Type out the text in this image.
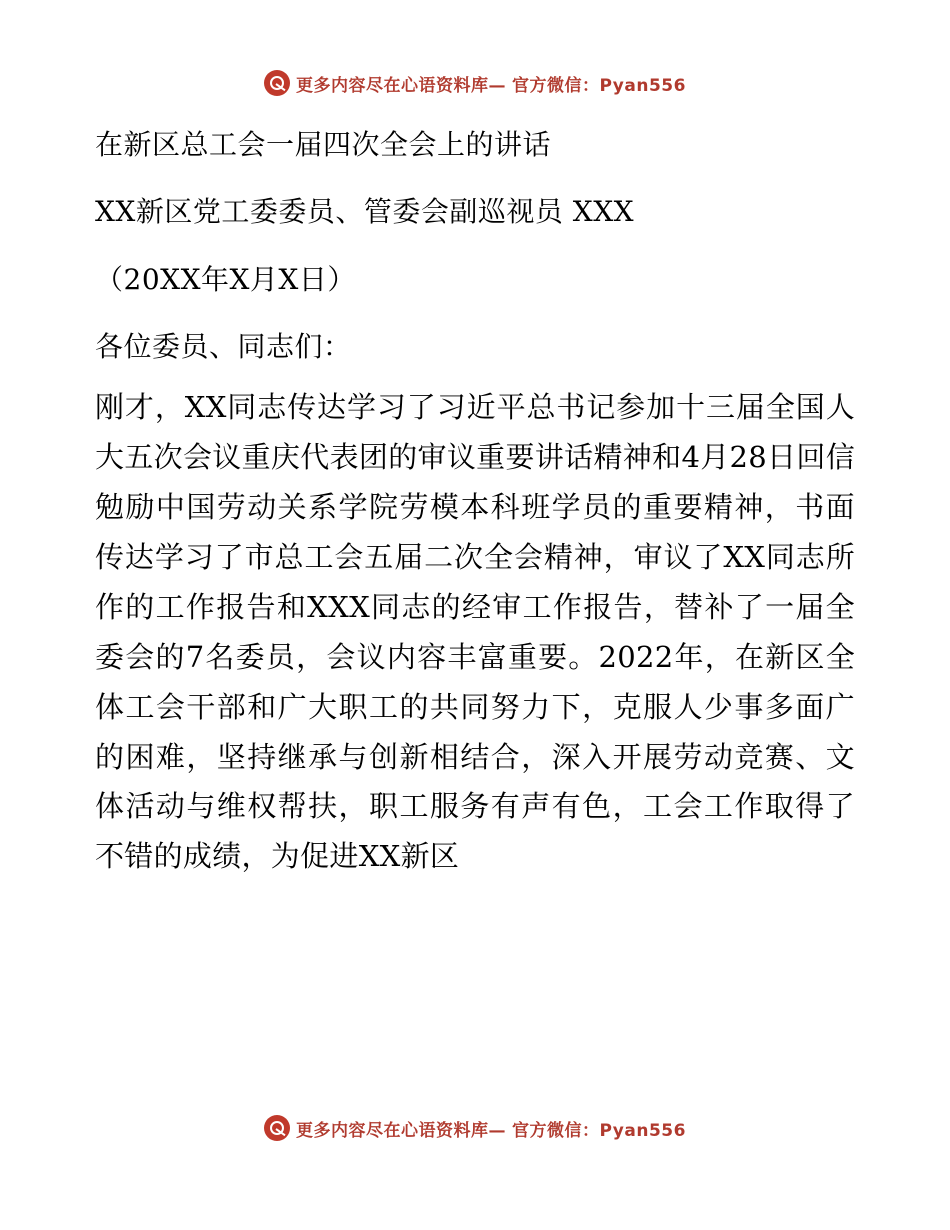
更多内容尽在心语资料库— 官方微信：Pyan556

在新区总工会一届四次全会上的讲话

XX新区党工委委员、管委会副巡视员 XXX

（20XX年X月X日）

各位委员、同志们：

刚才，XX同志传达学习了习近平总书记参加十三届全国人大五次会议重庆代表团的审议重要讲话精神和4月28日回信勉励中国劳动关系学院劳模本科班学员的重要精神，书面传达学习了市总工会五届二次全会精神，审议了XX同志所作的工作报告和XXX同志的经审工作报告，替补了一届全委会的7名委员，会议内容丰富重要。2022年，在新区全体工会干部和广大职工的共同努力下，克服人少事多面广的困难，坚持继承与创新相结合，深入开展劳动竞赛、文体活动与维权帮扶，职工服务有声有色，工会工作取得了不错的成绩，为促进XX新区

更多内容尽在心语资料库— 官方微信：Pyan556
